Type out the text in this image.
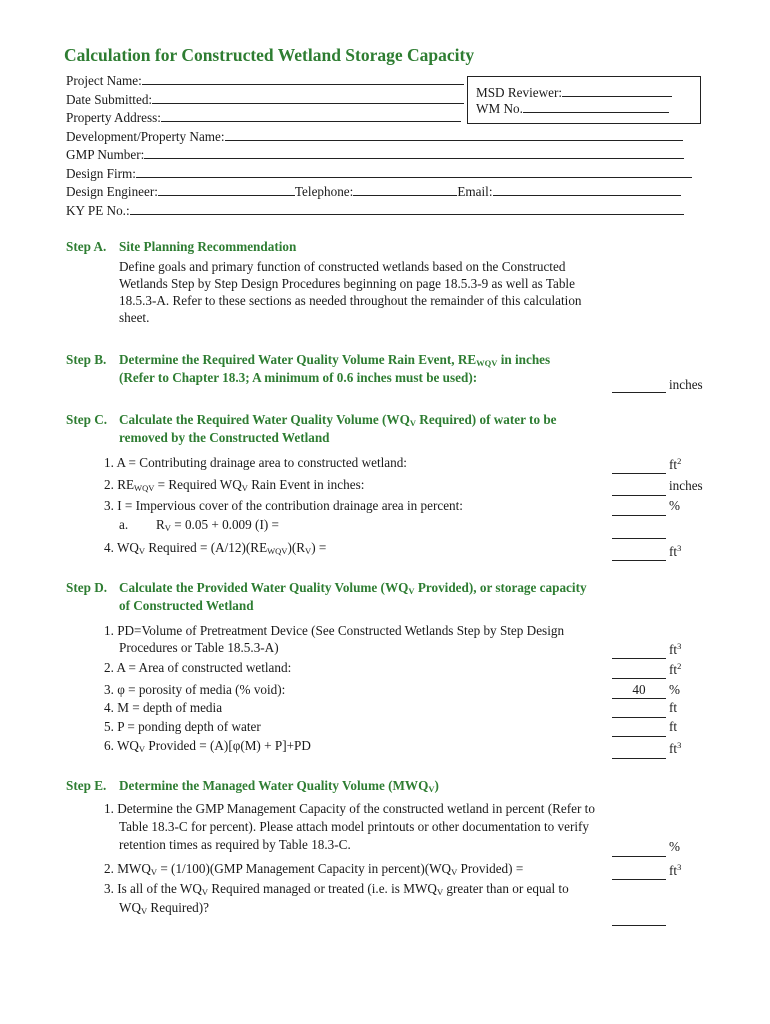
Calculation for Constructed Wetland Storage Capacity
Project Name:
Date Submitted:
Property Address:
MSD Reviewer:
WM No.
Development/Property Name:
GMP Number:
Design Firm:
Design Engineer:	Telephone:	Email:
KY PE No.:
Step A. Site Planning Recommendation
Define goals and primary function of constructed wetlands based on the Constructed
Wetlands Step by Step Design Procedures beginning on page 18.5.3-9 as well as Table
18.5.3-A. Refer to these sections as needed throughout the remainder of this calculation
sheet.
Step B. Determine the Required Water Quality Volume Rain Event, $RE_{WQV}$ in inches
(Refer to Chapter 18.3; A minimum of 0.6 inches must be used):	inches
Step C. Calculate the Required Water Quality Volume ($WQ_V$ Required) of water to be
removed by the Constructed Wetland
1. A = Contributing drainage area to constructed wetland:	$ft^2$
2. $RE_{WQV}$ = Required $WQ_V$ Rain Event in inches:	inches
3. I = Impervious cover of the contribution drainage area in percent:	%
a. $R_V = 0.05 + 0.009$ (I) =
4. $WQ_V$ Required = $(A/12)(RE_{WQV})(R_V)$ =	$ft^3$
Step D. Calculate the Provided Water Quality Volume ($WQ_V$ Provided), or storage capacity
of Constructed Wetland
1. PD=Volume of Pretreatment Device (See Constructed Wetlands Step by Step Design
Procedures or Table 18.5.3-A)	$ft^3$
2. A = Area of constructed wetland:	$ft^2$
3. φ = porosity of media (% void):	40	%
4. M = depth of media	ft
5. P = ponding depth of water	ft
6. $WQ_V$ Provided = (A)[φ(M) + P]+PD	$ft^3$
Step E. Determine the Managed Water Quality Volume $(MWQ_V)$
1. Determine the GMP Management Capacity of the constructed wetland in percent (Refer to
Table 18.3-C for percent). Please attach model printouts or other documentation to verify
retention times as required by Table 18.3-C.	%
2. $MWQ_V = (1/100)(GMP$ Management Capacity in $percent)(WQ_V$ Provided) =	$ft^3$
3. Is all of the $WQ_V$ Required managed or treated (i.e. is $MWQ_V$ greater than or equal to
$WQ_V$ Required)?
